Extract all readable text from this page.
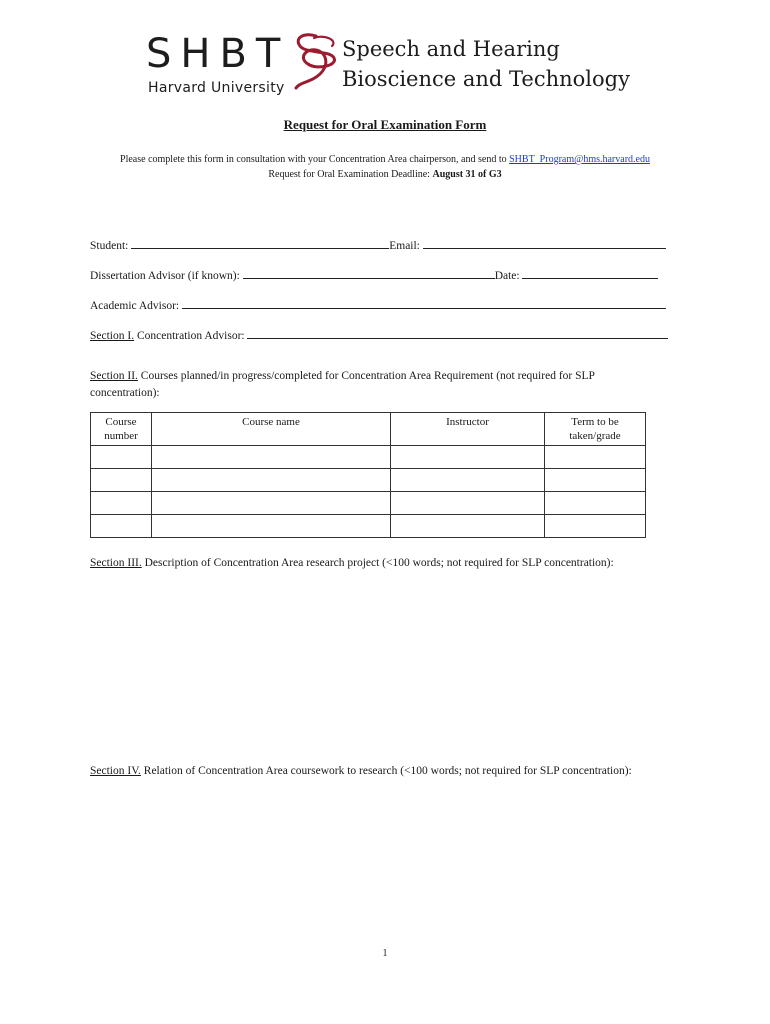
SHBT
Harvard University
Speech and Hearing
Bioscience and Technology
Request for Oral Examination Form
Please complete this form in consultation with your Concentration Area chairperson, and send to SHBT_Program@hms.harvard.edu
Request for Oral Examination Deadline: August 31 of G3
Student:	Email:
Dissertation Advisor (if known):	Date:
Academic Advisor:
Section I. Concentration Advisor:
Section II. Courses planned/in progress/completed for Concentration Area Requirement (not required for SLP concentration):
Course number	Course name	Instructor	Term to be taken/grade

Section III. Description of Concentration Area research project (<100 words; not required for SLP concentration):
Section IV. Relation of Concentration Area coursework to research (<100 words; not required for SLP concentration):
1
